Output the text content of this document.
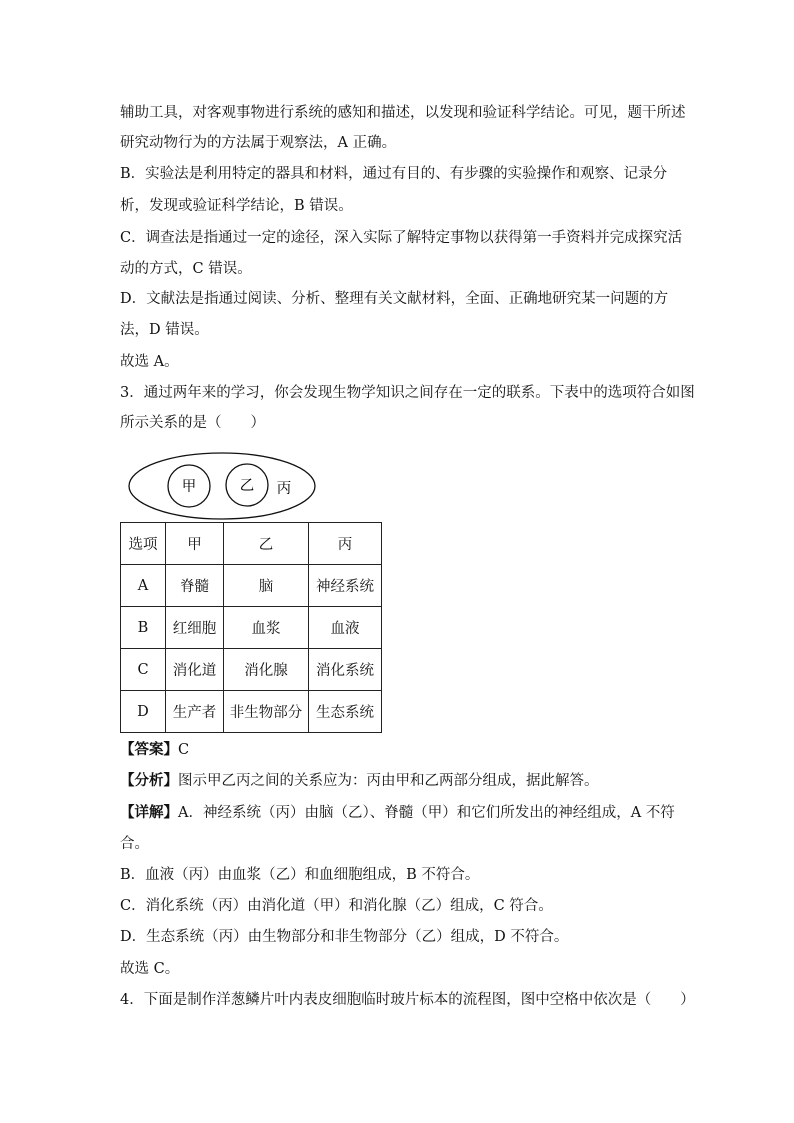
辅助工具，对客观事物进行系统的感知和描述，以发现和验证科学结论。可见，题干所述
研究动物行为的方法属于观察法，A 正确。
B．实验法是利用特定的器具和材料，通过有目的、有步骤的实验操作和观察、记录分
析，发现或验证科学结论，B 错误。
C．调查法是指通过一定的途径，深入实际了解特定事物以获得第一手资料并完成探究活
动的方式，C 错误。
D．文献法是指通过阅读、分析、整理有关文献材料，全面、正确地研究某一问题的方
法，D 错误。
故选 A。
3．通过两年来的学习，你会发现生物学知识之间存在一定的联系。下表中的选项符合如图
所示关系的是（　　）
甲	乙 丙
选项	甲	乙	丙
A	脊髓	脑	神经系统
B	红细胞	血浆	血液
C	消化道	消化腺	消化系统
D	生产者	非生物部分	生态系统
【答案】C
【分析】图示甲乙丙之间的关系应为：丙由甲和乙两部分组成，据此解答。
【详解】A．神经系统（丙）由脑（乙）、脊髓（甲）和它们所发出的神经组成，A 不符
合。
B．血液（丙）由血浆（乙）和血细胞组成，B 不符合。
C．消化系统（丙）由消化道（甲）和消化腺（乙）组成，C 符合。
D．生态系统（丙）由生物部分和非生物部分（乙）组成，D 不符合。
故选 C。
4．下面是制作洋葱鳞片叶内表皮细胞临时玻片标本的流程图，图中空格中依次是（　　）
